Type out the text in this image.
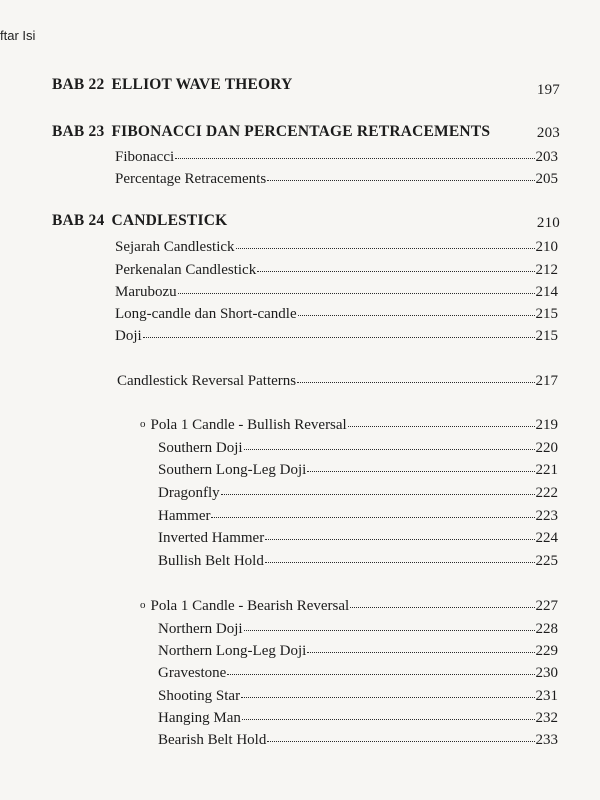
ftar Isi
BAB 22 ELLIOT WAVE THEORY	197
BAB 23 FIBONACCI DAN PERCENTAGE RETRACEMENTS	203
Fibonacci	203
Percentage Retracements	205
BAB 24 CANDLESTICK	210
Sejarah Candlestick	210
Perkenalan Candlestick	212
Marubozu	214
Long-candle dan Short-candle	215
Doji	215
Candlestick Reversal Patterns	217
$^o$ Pola 1 Candle - Bullish Reversal	219
Southern Doji	220
Southern Long-Leg Doji	221
Dragonfly	222
Hammer	223
Inverted Hammer	224
Bullish Belt Hold	225
$^o$ Pola 1 Candle - Bearish Reversal	227
Northern Doji	228
Northern Long-Leg Doji	229
Gravestone	230
Shooting Star	231
Hanging Man	232
Bearish Belt Hold	233
